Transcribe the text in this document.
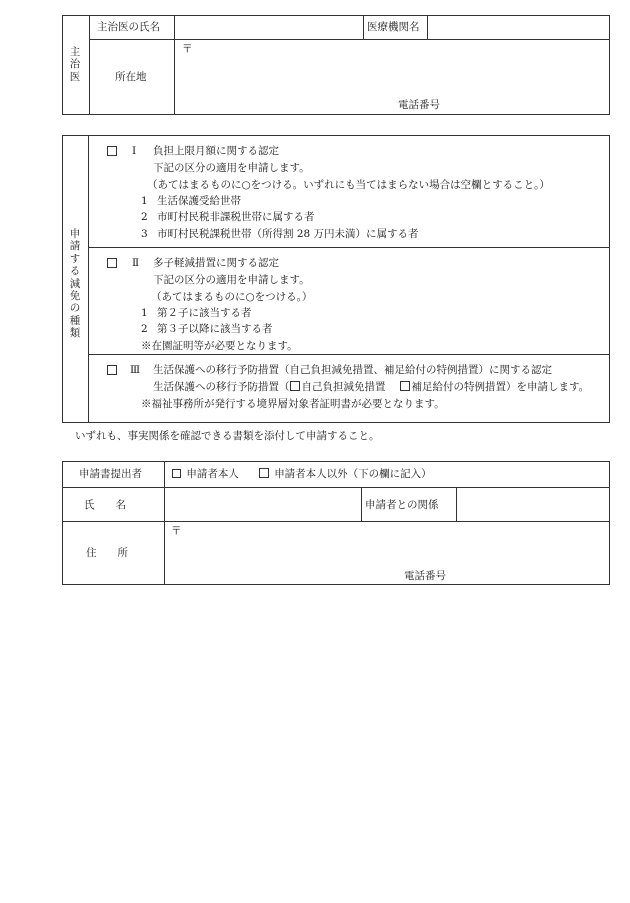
主治医
主治医の氏名	医療機関名
所在地
〒
電話番号
申請する減免の種類
Ⅰ 負担上限月額に関する認定
下記の区分の適用を申請します。
（あてはまるものに○をつける。いずれにも当てはまらない場合は空欄とすること。）
1 生活保護受給世帯
2 市町村民税非課税世帯に属する者
3 市町村民税課税世帯（所得割 28 万円未満）に属する者
Ⅱ 多子軽減措置に関する認定
下記の区分の適用を申請します。
（あてはまるものに○をつける。）
1 第２子に該当する者
2 第３子以降に該当する者
※在園証明等が必要となります。
Ⅲ 生活保護への移行予防措置（自己負担減免措置、補足給付の特例措置）に関する認定
生活保護への移行予防措置（ 自己負担減免措置 補足給付の特例措置）を申請します。
※福祉事務所が発行する境界層対象者証明書が必要となります。
いずれも、事実関係を確認できる書類を添付して申請すること。
申請書提出者	申請者本人	申請者本人以外（下の欄に記入）
氏　　名	申請者との関係
住　　所
〒
電話番号
